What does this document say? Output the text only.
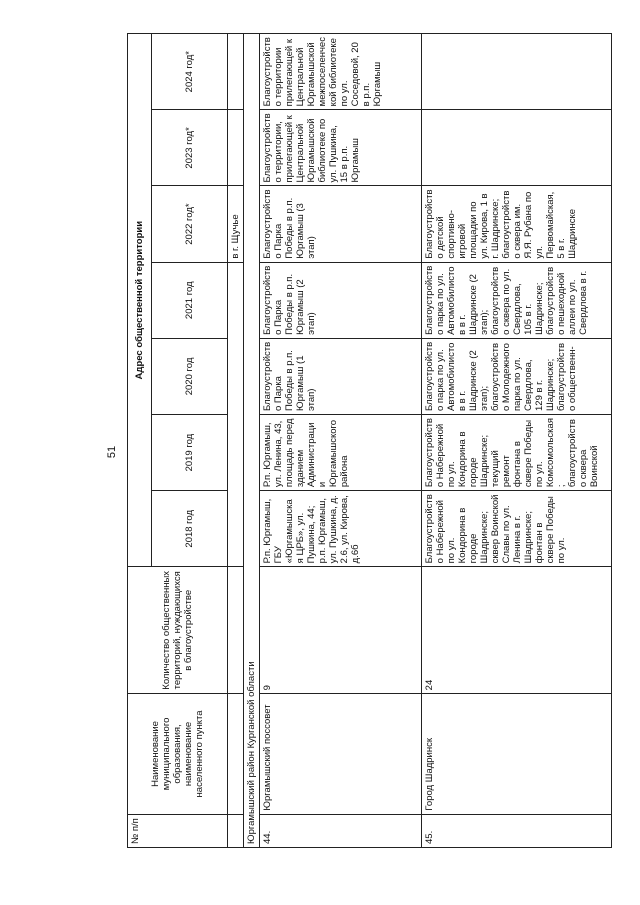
51
№ п/п	Наименование муниципального образования, наименование населенного пункта	Количество общественных территорий, нуждающихся в благоустройстве	Адрес общественной территории						
			2018 год	2019 год	2020 год	2021 год	2022 год*	2023 год*	2024 год*
							в г. Щучье		
Юргамышский район Курганской области									
44.	Юргамышский поссовет	9	Р.п. Юргамыш, ГБУ «Юргамышская ЦРБ», ул. Пушкина, 44; р.п. Юргамыш, ул. Пушкина, д. 2.6, ул. Кирова, д.6б	Р.п. Юргамыш, ул. Ленина, 43, площадь перед зданием Администрации Юргамышского района	Благоустройство Парка Победы в р.п. Юргамыш (1 этап)	Благоустройство Парка Победы в р.п. Юргамыш (2 этап)	Благоустройство Парка Победы в р.п. Юргамыш (3 этап)	Благоустройство территории, прилегающей к Центральной Юргамышской библиотеке по ул. Пушкина, 15 в р.п. Юргамыш	Благоустройство территории прилегающей к Центральной Юргамышской межпоселенческой библиотеке по ул. Соседовой, 20 в р.п. Юргамыш
45.	Город Шадринск	24	Благоустройство Набережной по ул. Кондорина в городе Шадринске; сквер Воинской Славы по ул. Ленина в г. Шадринске; фонтан в сквере Победы по ул.	Благоустройство Набережной по ул. Кондорина в городе Шадринске; текущий ремонт фонтана в сквере Победы по ул. Комсомольская; благоустройство сквера Воинской	Благоустройство парка по ул. Автомобилистов в г. Шадринске (2 этап); благоустройство Молодежного парка по ул. Свердлова, 129 в г. Шадринске; благоустройство общественн-	Благоустройство парка по ул. Автомобилистов в г. Шадринске (2 этап); благоустройство сквера по ул. Свердлова, 105 в г. Шадринске; благоустройство пешеходной аллеи по ул. Свердлова в г.	Благоустройство детской спортивно-игровой площадки по ул. Кирова, 1 в г. Шадринске; благоустройство сквера им. Я.Я. Рубана по ул. Первомайская, 5 в г. Шадринске		
